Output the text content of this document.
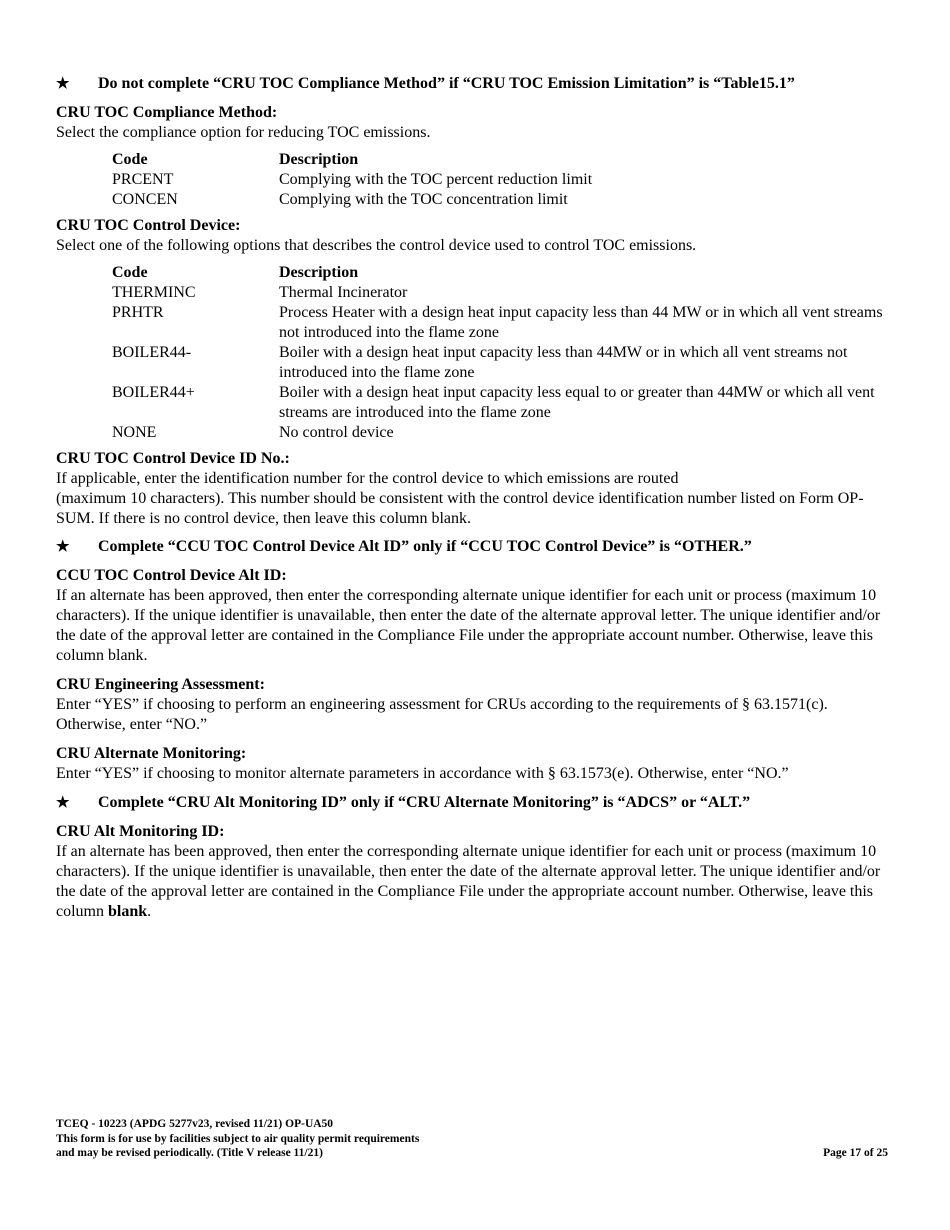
★ Do not complete “CRU TOC Compliance Method” if “CRU TOC Emission Limitation” is “Table15.1”
CRU TOC Compliance Method:
Select the compliance option for reducing TOC emissions.
Code	Description
PRCENT	Complying with the TOC percent reduction limit
CONCEN	Complying with the TOC concentration limit
CRU TOC Control Device:
Select one of the following options that describes the control device used to control TOC emissions.
Code	Description
THERMINC	Thermal Incinerator
PRHTR	Process Heater with a design heat input capacity less than 44 MW or in which all vent streams not introduced into the flame zone
BOILER44-	Boiler with a design heat input capacity less than 44MW or in which all vent streams not introduced into the flame zone
BOILER44+	Boiler with a design heat input capacity less equal to or greater than 44MW or which all vent streams are introduced into the flame zone
NONE	No control device
CRU TOC Control Device ID No.:
If applicable, enter the identification number for the control device to which emissions are routed
(maximum 10 characters). This number should be consistent with the control device identification number listed on Form OP-SUM. If there is no control device, then leave this column blank.
★ Complete “CCU TOC Control Device Alt ID” only if “CCU TOC Control Device” is “OTHER.”
CCU TOC Control Device Alt ID:
If an alternate has been approved, then enter the corresponding alternate unique identifier for each unit or process (maximum 10 characters). If the unique identifier is unavailable, then enter the date of the alternate approval letter. The unique identifier and/or the date of the approval letter are contained in the Compliance File under the appropriate account number. Otherwise, leave this column blank.
CRU Engineering Assessment:
Enter “YES” if choosing to perform an engineering assessment for CRUs according to the requirements of § 63.1571(c). Otherwise, enter “NO.”
CRU Alternate Monitoring:
Enter “YES” if choosing to monitor alternate parameters in accordance with § 63.1573(e). Otherwise, enter “NO.”
★ Complete “CRU Alt Monitoring ID” only if “CRU Alternate Monitoring” is “ADCS” or “ALT.”
CRU Alt Monitoring ID:
If an alternate has been approved, then enter the corresponding alternate unique identifier for each unit or process (maximum 10 characters). If the unique identifier is unavailable, then enter the date of the alternate approval letter. The unique identifier and/or the date of the approval letter are contained in the Compliance File under the appropriate account number. Otherwise, leave this column blank.
TCEQ - 10223 (APDG 5277v23, revised 11/21) OP-UA50
This form is for use by facilities subject to air quality permit requirements
and may be revised periodically. (Title V release 11/21)	Page 17 of 25
